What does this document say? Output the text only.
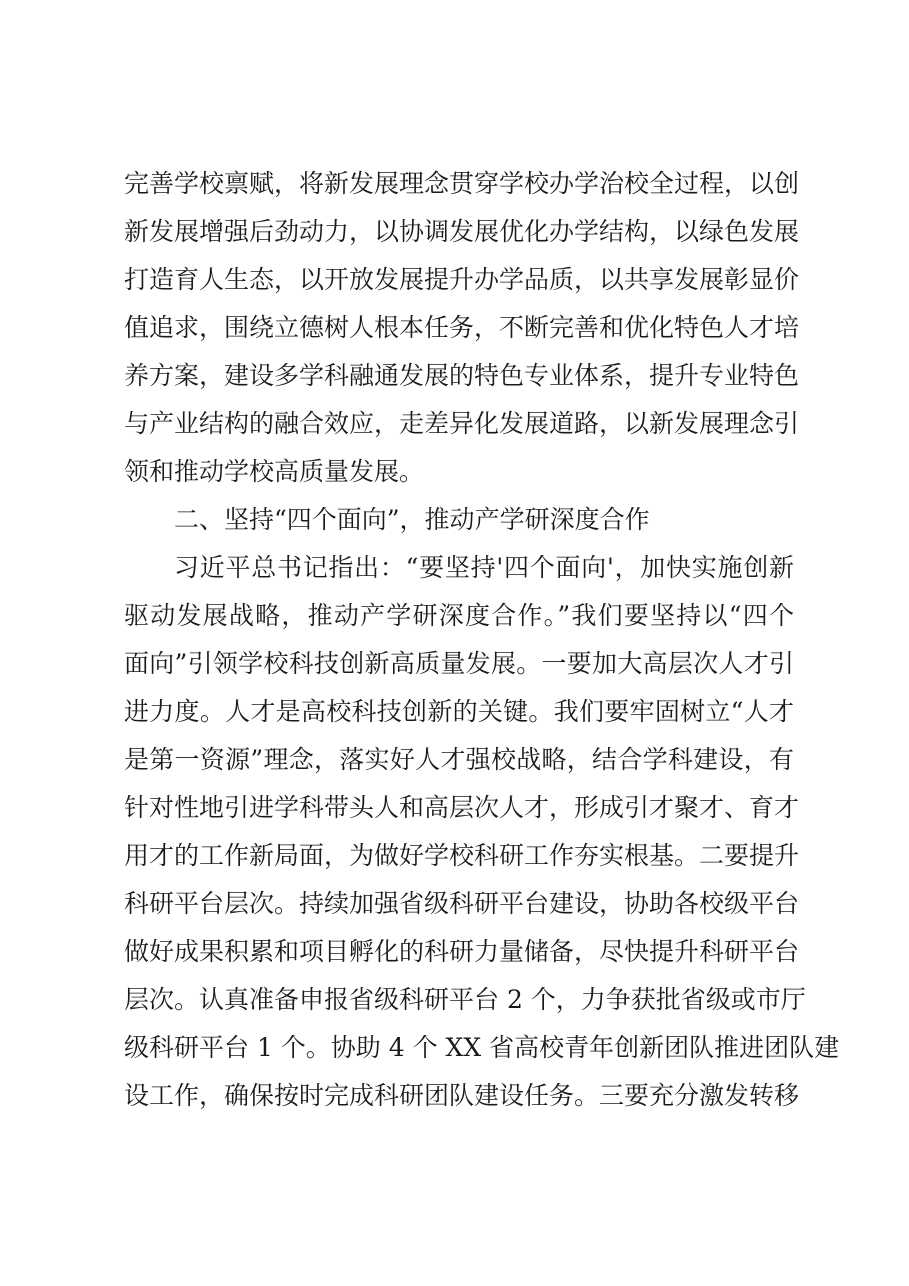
完善学校禀赋，将新发展理念贯穿学校办学治校全过程，以创
新发展增强后劲动力，以协调发展优化办学结构，以绿色发展
打造育人生态，以开放发展提升办学品质，以共享发展彰显价
值追求，围绕立德树人根本任务，不断完善和优化特色人才培
养方案，建设多学科融通发展的特色专业体系，提升专业特色
与产业结构的融合效应，走差异化发展道路，以新发展理念引
领和推动学校高质量发展。
二、坚持“四个面向”，推动产学研深度合作
习近平总书记指出：“要坚持'四个面向'，加快实施创新
驱动发展战略，推动产学研深度合作。”我们要坚持以“四个
面向”引领学校科技创新高质量发展。一要加大高层次人才引
进力度。人才是高校科技创新的关键。我们要牢固树立“人才
是第一资源”理念，落实好人才强校战略，结合学科建设，有
针对性地引进学科带头人和高层次人才，形成引才聚才、育才
用才的工作新局面，为做好学校科研工作夯实根基。二要提升
科研平台层次。持续加强省级科研平台建设，协助各校级平台
做好成果积累和项目孵化的科研力量储备，尽快提升科研平台
层次。认真准备申报省级科研平台 2 个，力争获批省级或市厅
级科研平台 1 个。协助 4 个 XX 省高校青年创新团队推进团队建
设工作，确保按时完成科研团队建设任务。三要充分激发转移
